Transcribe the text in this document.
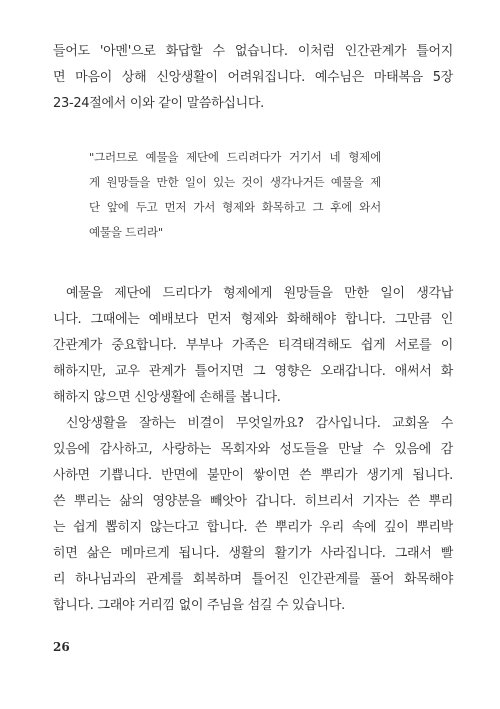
들어도 '아멘'으로 화답할 수 없습니다. 이처럼 인간관계가 틀어지
면 마음이 상해 신앙생활이 어려워집니다. 예수님은 마태복음 5장
23-24절에서 이와 같이 말씀하십니다.
"그러므로 예물을 제단에 드리려다가 거기서 네 형제에
게 원망들을 만한 일이 있는 것이 생각나거든 예물을 제
단 앞에 두고 먼저 가서 형제와 화목하고 그 후에 와서
예물을 드리라"
예물을 제단에 드리다가 형제에게 원망들을 만한 일이 생각납
니다. 그때에는 예배보다 먼저 형제와 화해해야 합니다. 그만큼 인
간관계가 중요합니다. 부부나 가족은 티격태격해도 쉽게 서로를 이
해하지만, 교우 관계가 틀어지면 그 영향은 오래갑니다. 애써서 화
해하지 않으면 신앙생활에 손해를 봅니다.
신앙생활을 잘하는 비결이 무엇일까요? 감사입니다. 교회올 수
있음에 감사하고, 사랑하는 목회자와 성도들을 만날 수 있음에 감
사하면 기쁩니다. 반면에 불만이 쌓이면 쓴 뿌리가 생기게 됩니다.
쓴 뿌리는 삶의 영양분을 빼앗아 갑니다. 히브리서 기자는 쓴 뿌리
는 쉽게 뽑히지 않는다고 합니다. 쓴 뿌리가 우리 속에 깊이 뿌리박
히면 삶은 메마르게 됩니다. 생활의 활기가 사라집니다. 그래서 빨
리 하나님과의 관계를 회복하며 틀어진 인간관계를 풀어 화목해야
합니다. 그래야 거리낌 없이 주님을 섬길 수 있습니다.
26
